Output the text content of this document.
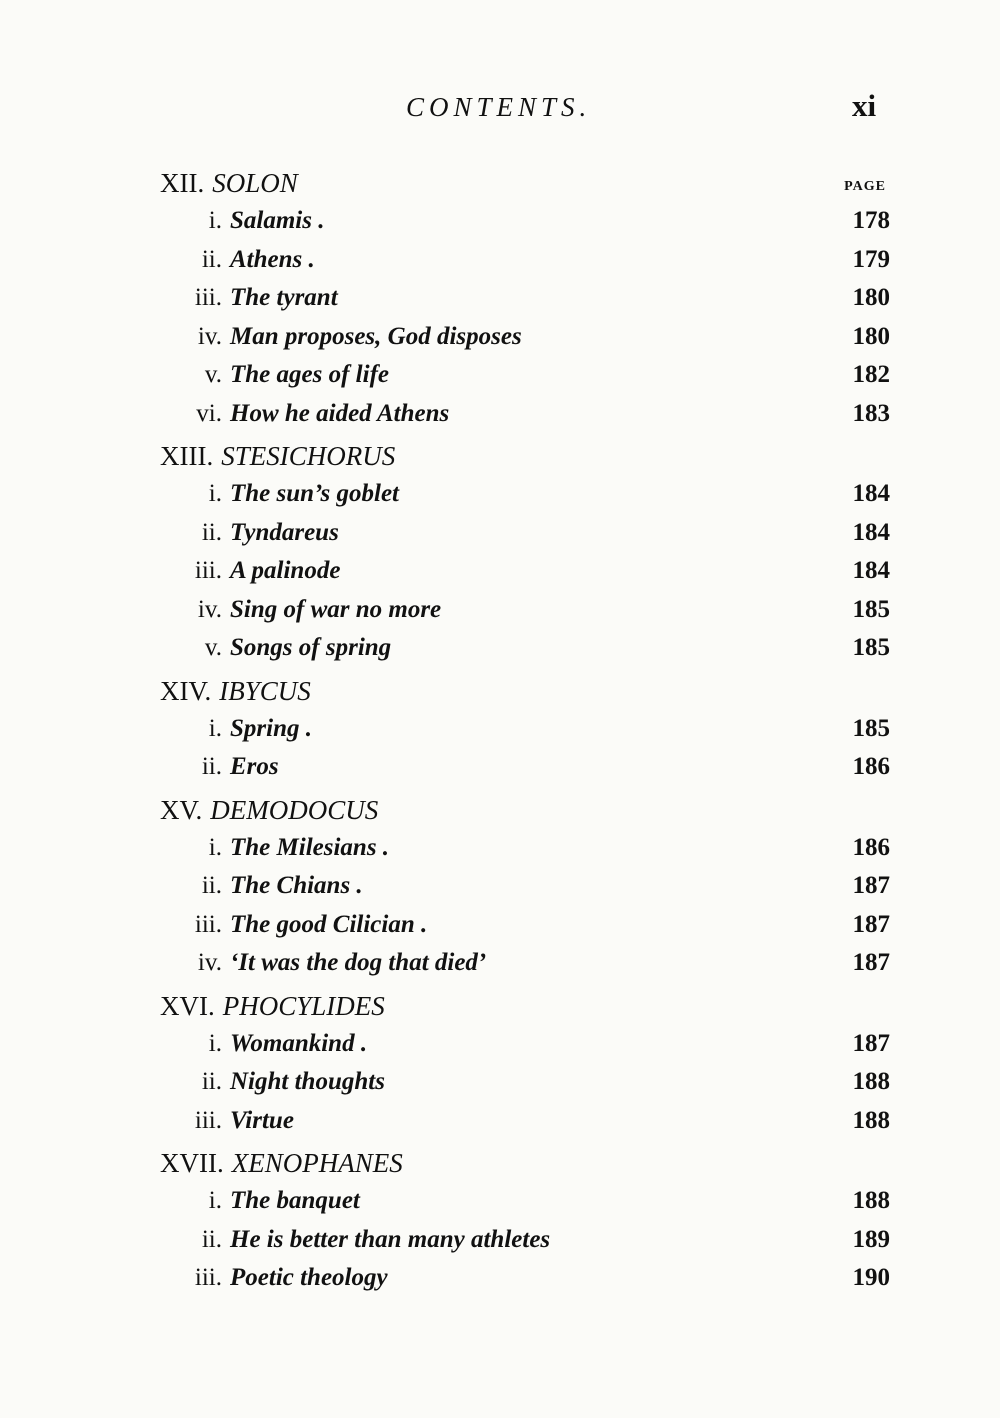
CONTENTS.	xi
XII. SOLON	PAGE
i. Salamis .	178
ii. Athens .	179
iii. The tyrant	180
iv. Man proposes, God disposes	180
v. The ages of life	182
vi. How he aided Athens	183
XIII. STESICHORUS
i. The sun’s goblet	184
ii. Tyndareus	184
iii. A palinode	184
iv. Sing of war no more	185
v. Songs of spring	185
XIV. IBYCUS
i. Spring .	185
ii. Eros	186
XV. DEMODOCUS
i. The Milesians .	186
ii. The Chians .	187
iii. The good Cilician .	187
iv. ‘It was the dog that died’	187
XVI. PHOCYLIDES
i. Womankind .	187
ii. Night thoughts	188
iii. Virtue	188
XVII. XENOPHANES
i. The banquet	188
ii. He is better than many athletes	189
iii. Poetic theology	190
